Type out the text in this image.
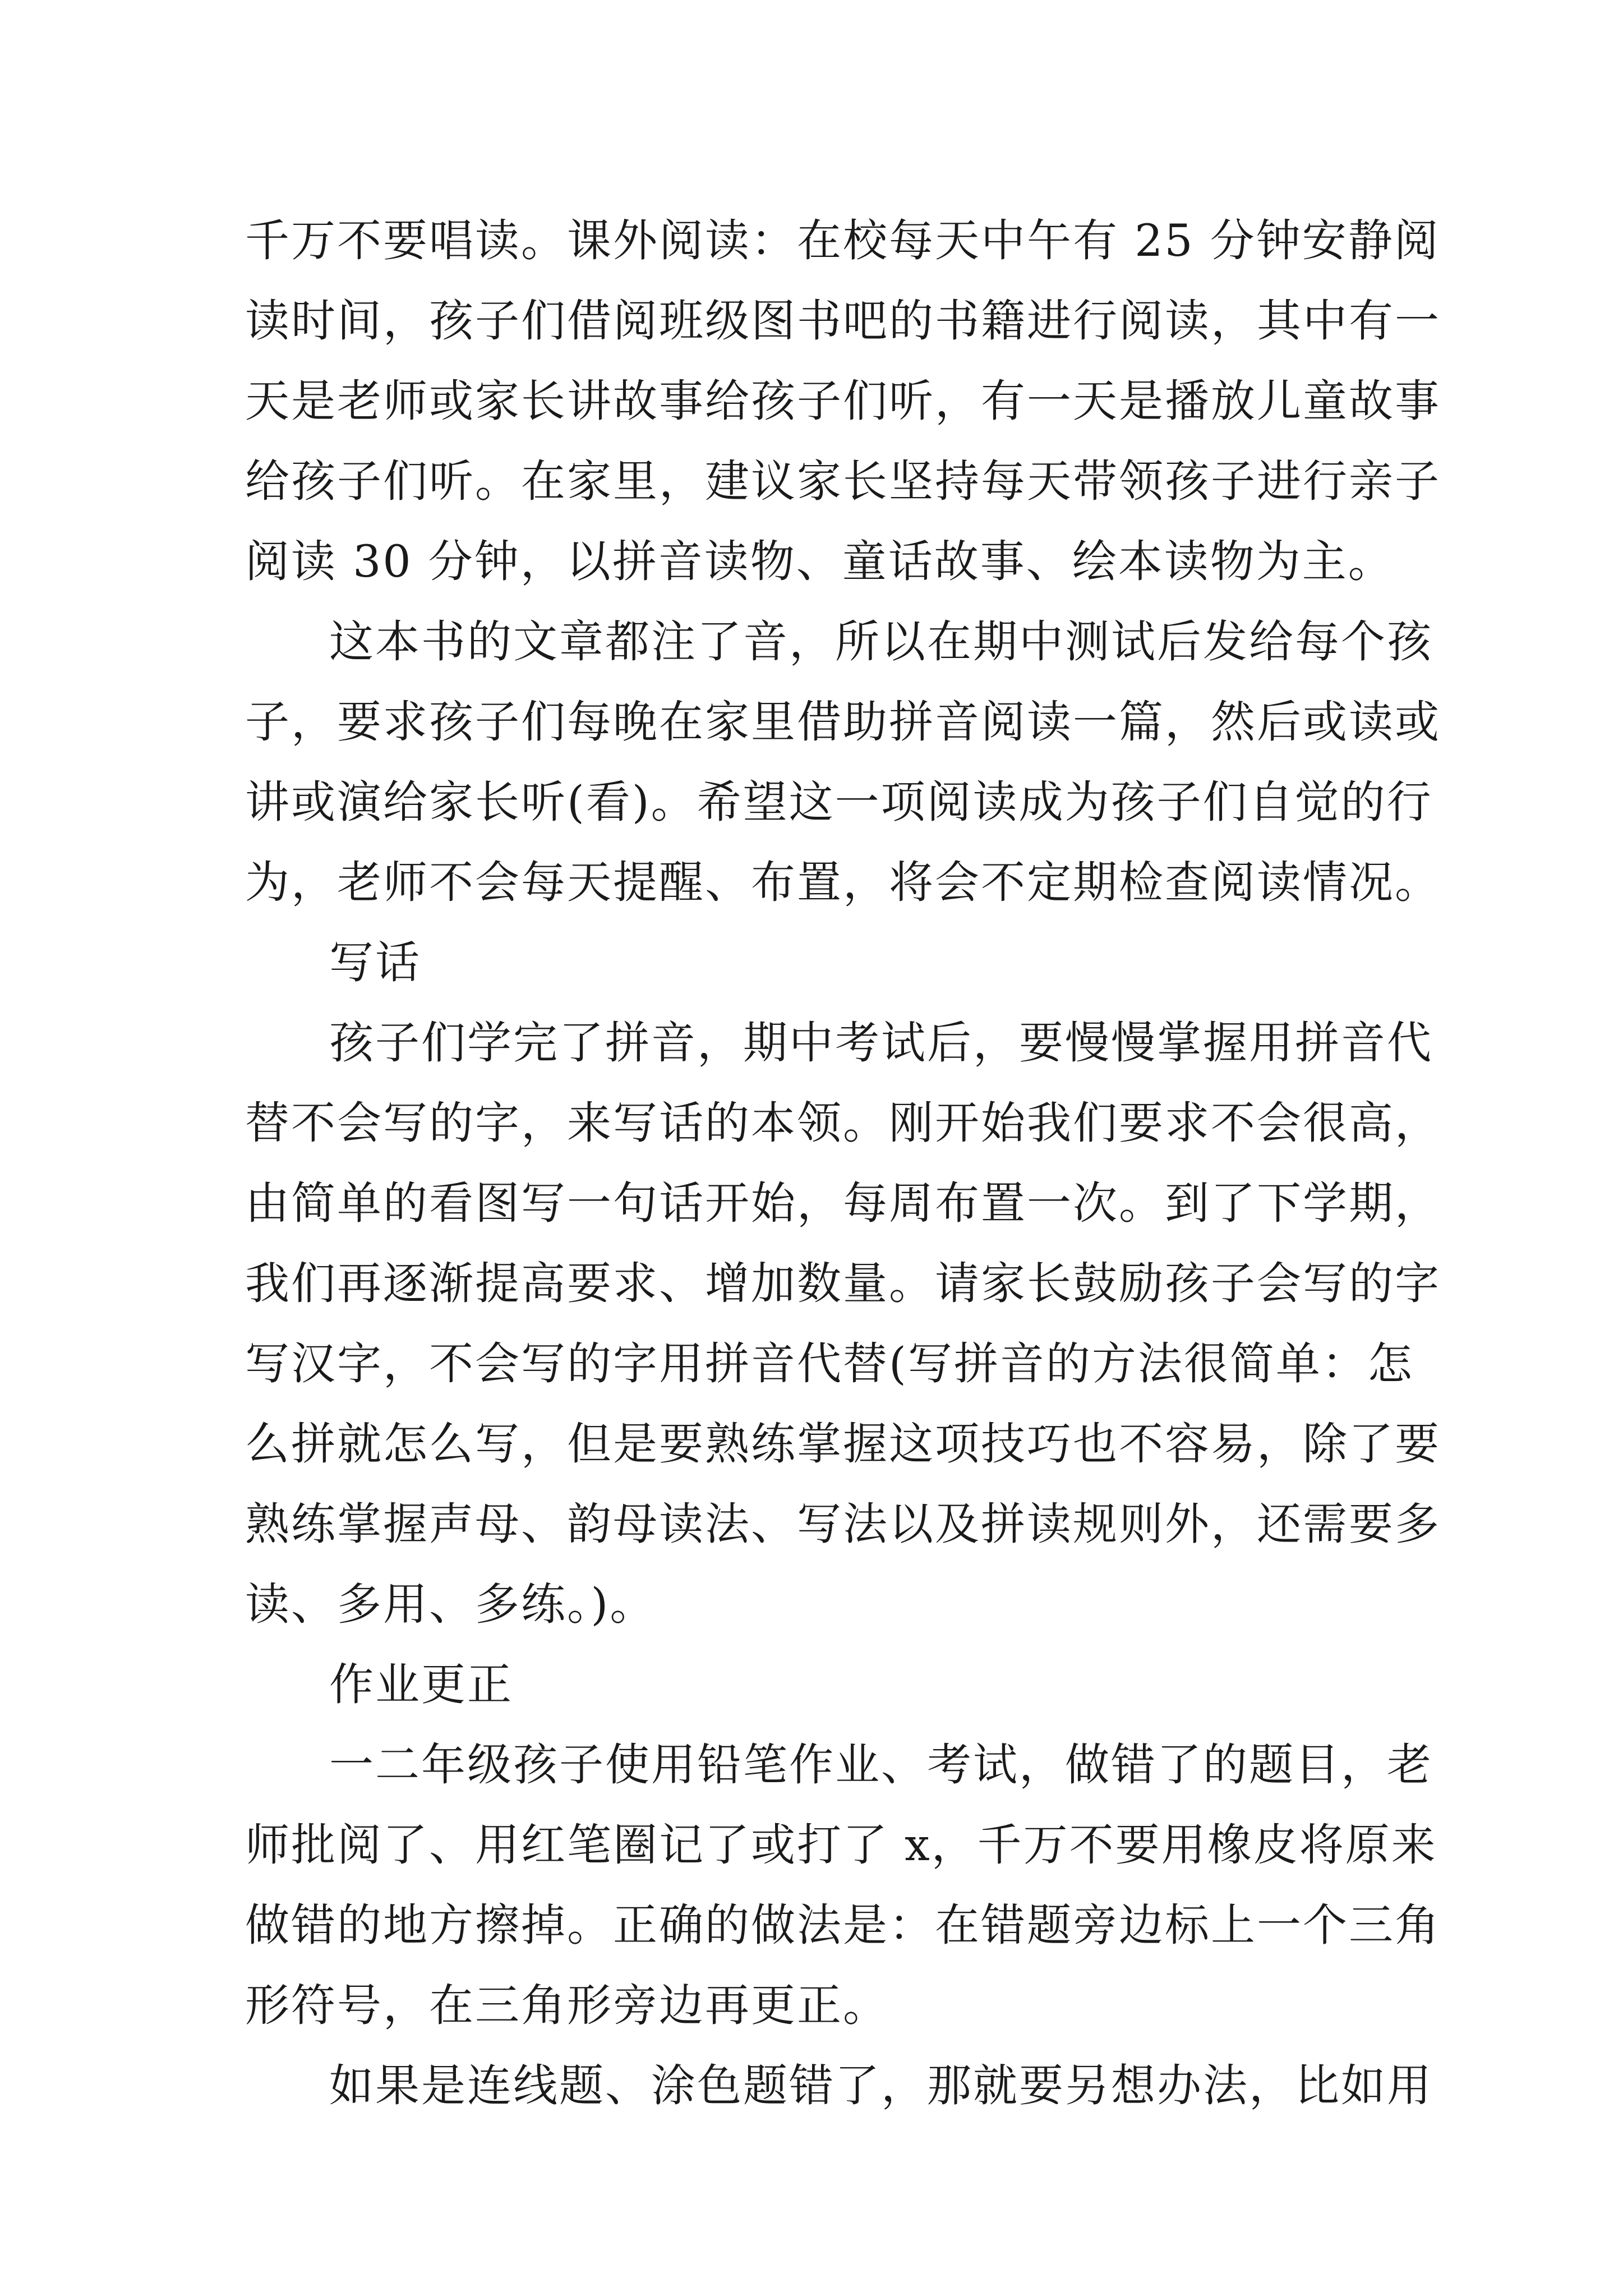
千万不要唱读。课外阅读：在校每天中午有 25 分钟安静阅
读时间，孩子们借阅班级图书吧的书籍进行阅读，其中有一
天是老师或家长讲故事给孩子们听，有一天是播放儿童故事
给孩子们听。在家里，建议家长坚持每天带领孩子进行亲子
阅读 30 分钟，以拼音读物、童话故事、绘本读物为主。
这本书的文章都注了音，所以在期中测试后发给每个孩
子，要求孩子们每晚在家里借助拼音阅读一篇，然后或读或
讲或演给家长听(看)。希望这一项阅读成为孩子们自觉的行
为，老师不会每天提醒、布置，将会不定期检查阅读情况。
写话
孩子们学完了拼音，期中考试后，要慢慢掌握用拼音代
替不会写的字，来写话的本领。刚开始我们要求不会很高，
由简单的看图写一句话开始，每周布置一次。到了下学期，
我们再逐渐提高要求、增加数量。请家长鼓励孩子会写的字
写汉字，不会写的字用拼音代替(写拼音的方法很简单：怎
么拼就怎么写，但是要熟练掌握这项技巧也不容易，除了要
熟练掌握声母、韵母读法、写法以及拼读规则外，还需要多
读、多用、多练。)。
作业更正
一二年级孩子使用铅笔作业、考试，做错了的题目，老
师批阅了、用红笔圈记了或打了 x，千万不要用橡皮将原来
做错的地方擦掉。正确的做法是：在错题旁边标上一个三角
形符号，在三角形旁边再更正。
如果是连线题、涂色题错了，那就要另想办法，比如用
